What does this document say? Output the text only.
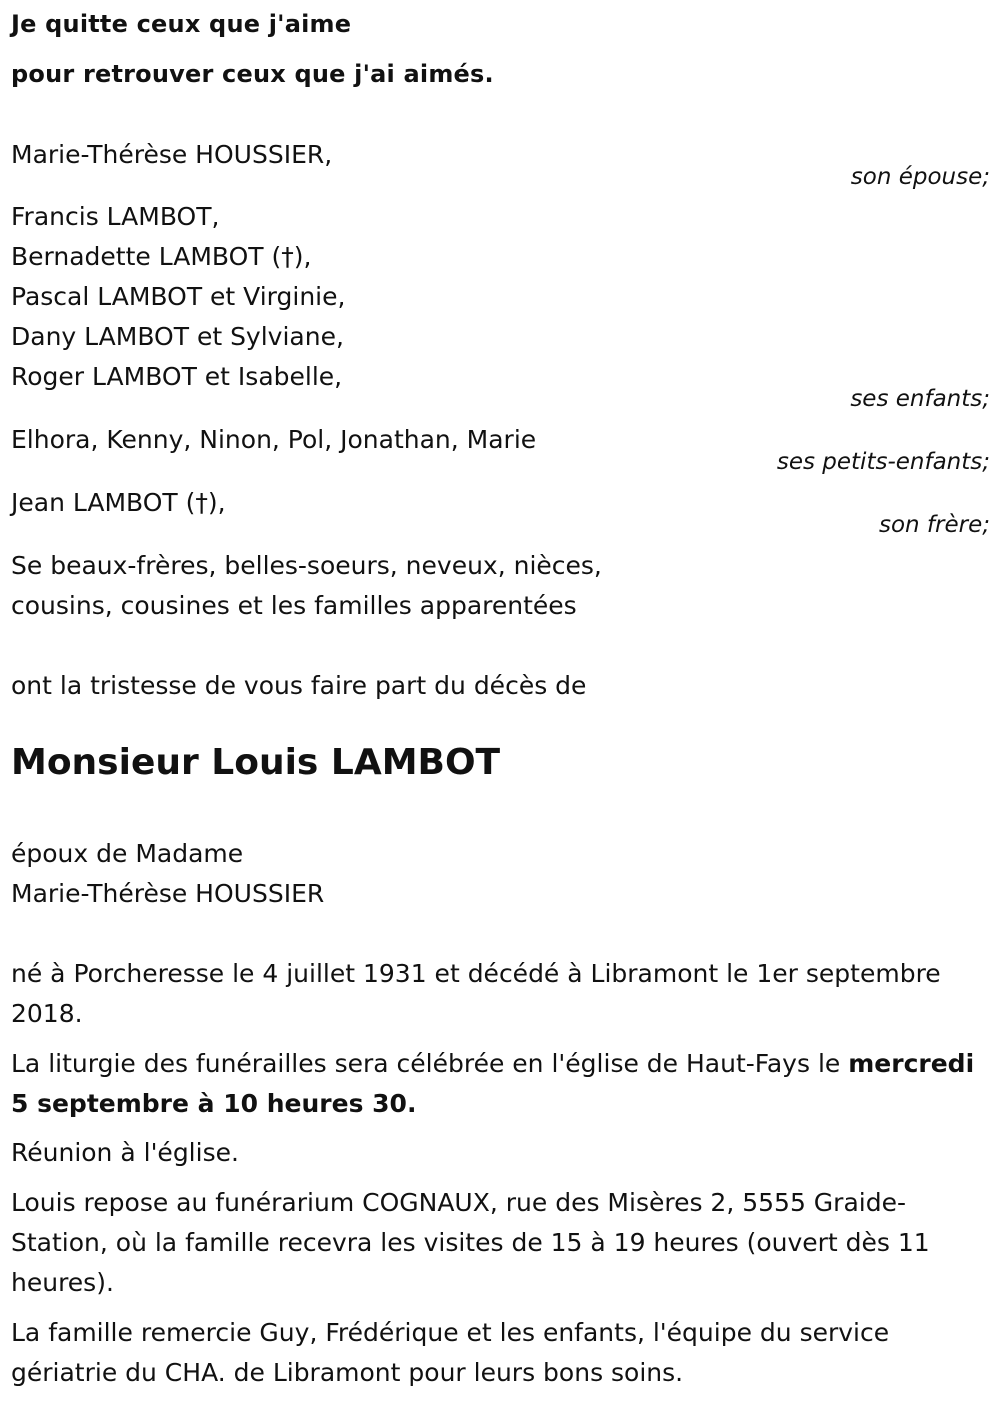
Je quitte ceux que j'aime
pour retrouver ceux que j'ai aimés.
Marie-Thérèse HOUSSIER,
son épouse;
Francis LAMBOT,
Bernadette LAMBOT (†),
Pascal LAMBOT et Virginie,
Dany LAMBOT et Sylviane,
Roger LAMBOT et Isabelle,
ses enfants;
Elhora, Kenny, Ninon, Pol, Jonathan, Marie
ses petits-enfants;
Jean LAMBOT (†),
son frère;
Se beaux-frères, belles-soeurs, neveux, nièces,
cousins, cousines et les familles apparentées
ont la tristesse de vous faire part du décès de
Monsieur Louis LAMBOT
époux de Madame
Marie-Thérèse HOUSSIER
né à Porcheresse le 4 juillet 1931 et décédé à Libramont le 1er septembre 2018.
La liturgie des funérailles sera célébrée en l'église de Haut-Fays le mercredi 5 septembre à 10 heures 30.
Réunion à l'église.
Louis repose au funérarium COGNAUX, rue des Misères 2, 5555 Graide-Station, où la famille recevra les visites de 15 à 19 heures (ouvert dès 11 heures).
La famille remercie Guy, Frédérique et les enfants, l'équipe du service gériatrie du CHA. de Libramont pour leurs bons soins.
